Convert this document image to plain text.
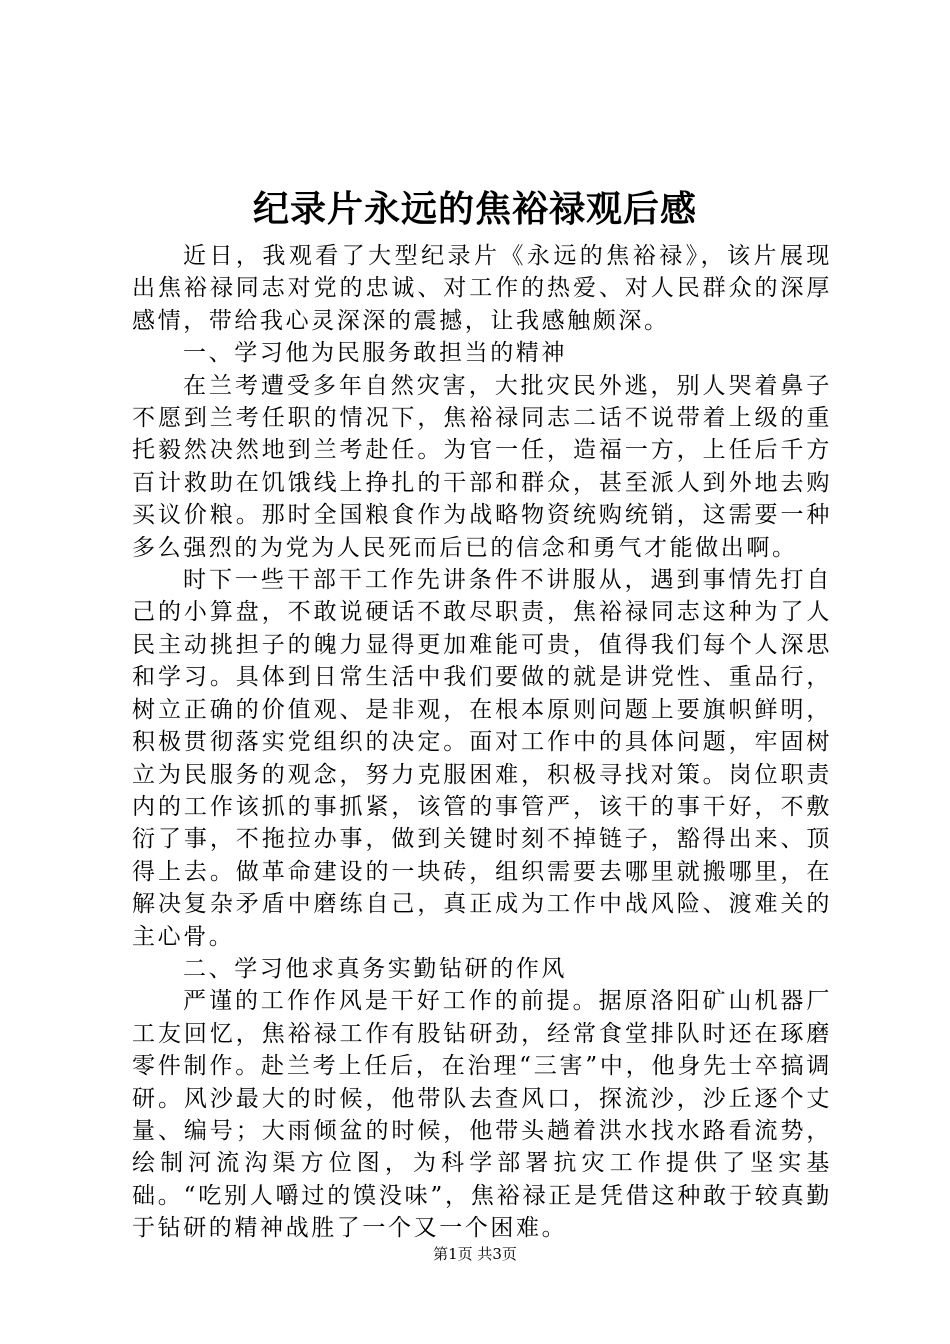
纪录片永远的焦裕禄观后感

近日，我观看了大型纪录片《永远的焦裕禄》，该片展现出焦裕禄同志对党的忠诚、对工作的热爱、对人民群众的深厚感情，带给我心灵深深的震撼，让我感触颇深。

一、学习他为民服务敢担当的精神

在兰考遭受多年自然灾害，大批灾民外逃，别人哭着鼻子不愿到兰考任职的情况下，焦裕禄同志二话不说带着上级的重托毅然决然地到兰考赴任。为官一任，造福一方，上任后千方百计救助在饥饿线上挣扎的干部和群众，甚至派人到外地去购买议价粮。那时全国粮食作为战略物资统购统销，这需要一种多么强烈的为党为人民死而后已的信念和勇气才能做出啊。

时下一些干部干工作先讲条件不讲服从，遇到事情先打自己的小算盘，不敢说硬话不敢尽职责，焦裕禄同志这种为了人民主动挑担子的魄力显得更加难能可贵，值得我们每个人深思和学习。具体到日常生活中我们要做的就是讲党性、重品行，树立正确的价值观、是非观，在根本原则问题上要旗帜鲜明，积极贯彻落实党组织的决定。面对工作中的具体问题，牢固树立为民服务的观念，努力克服困难，积极寻找对策。岗位职责内的工作该抓的事抓紧，该管的事管严，该干的事干好，不敷衍了事，不拖拉办事，做到关键时刻不掉链子，豁得出来、顶得上去。做革命建设的一块砖，组织需要去哪里就搬哪里，在解决复杂矛盾中磨练自己，真正成为工作中战风险、渡难关的主心骨。

二、学习他求真务实勤钻研的作风

严谨的工作作风是干好工作的前提。据原洛阳矿山机器厂工友回忆，焦裕禄工作有股钻研劲，经常食堂排队时还在琢磨零件制作。赴兰考上任后，在治理“三害”中，他身先士卒搞调研。风沙最大的时候，他带队去查风口，探流沙，沙丘逐个丈量、编号；大雨倾盆的时候，他带头趟着洪水找水路看流势，绘制河流沟渠方位图，为科学部署抗灾工作提供了坚实基础。“吃别人嚼过的馍没味”，焦裕禄正是凭借这种敢于较真勤于钻研的精神战胜了一个又一个困难。

第1页 共3页
